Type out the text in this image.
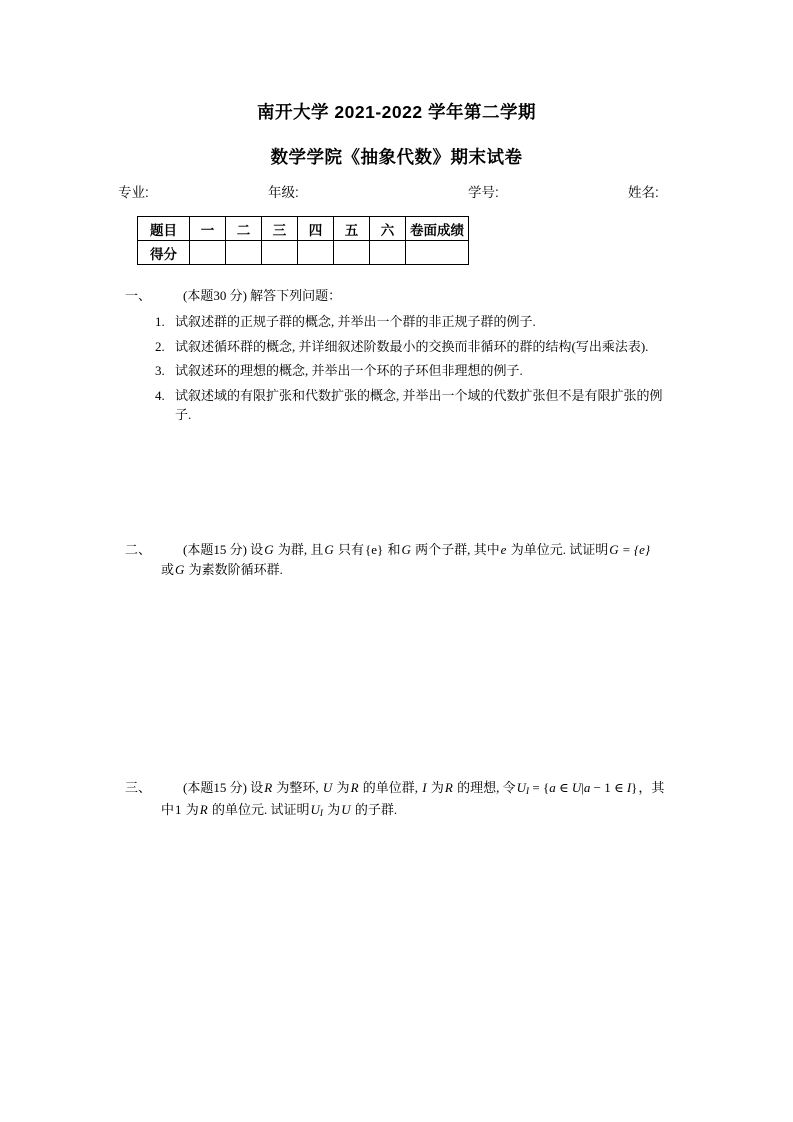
南开大学 2021-2022 学年第二学期
数学学院《抽象代数》期末试卷
专业:	年级:	学号:	姓名:
题目	一	二	三	四	五	六	卷面成绩
得分							
一、 (本题30 分) 解答下列问题：
1. 试叙述群的正规子群的概念, 并举出一个群的非正规子群的例子.
2. 试叙述循环群的概念, 并详细叙述阶数最小的交换而非循环的群的结构(写出乘法表).
3. 试叙述环的理想的概念, 并举出一个环的子环但非理想的例子.
4. 试叙述域的有限扩张和代数扩张的概念, 并举出一个域的代数扩张但不是有限扩张的例子.
二、 (本题15 分) 设G 为群, 且G 只有{e} 和G 两个子群, 其中e 为单位元. 试证明G = {e} 或G 为素数阶循环群.
三、 (本题15 分) 设R 为整环, U 为R 的单位群, I 为R 的理想, 令UI = {a ∈ U|a − 1 ∈ I}，其中1 为R 的单位元. 试证明UI 为U 的子群.
